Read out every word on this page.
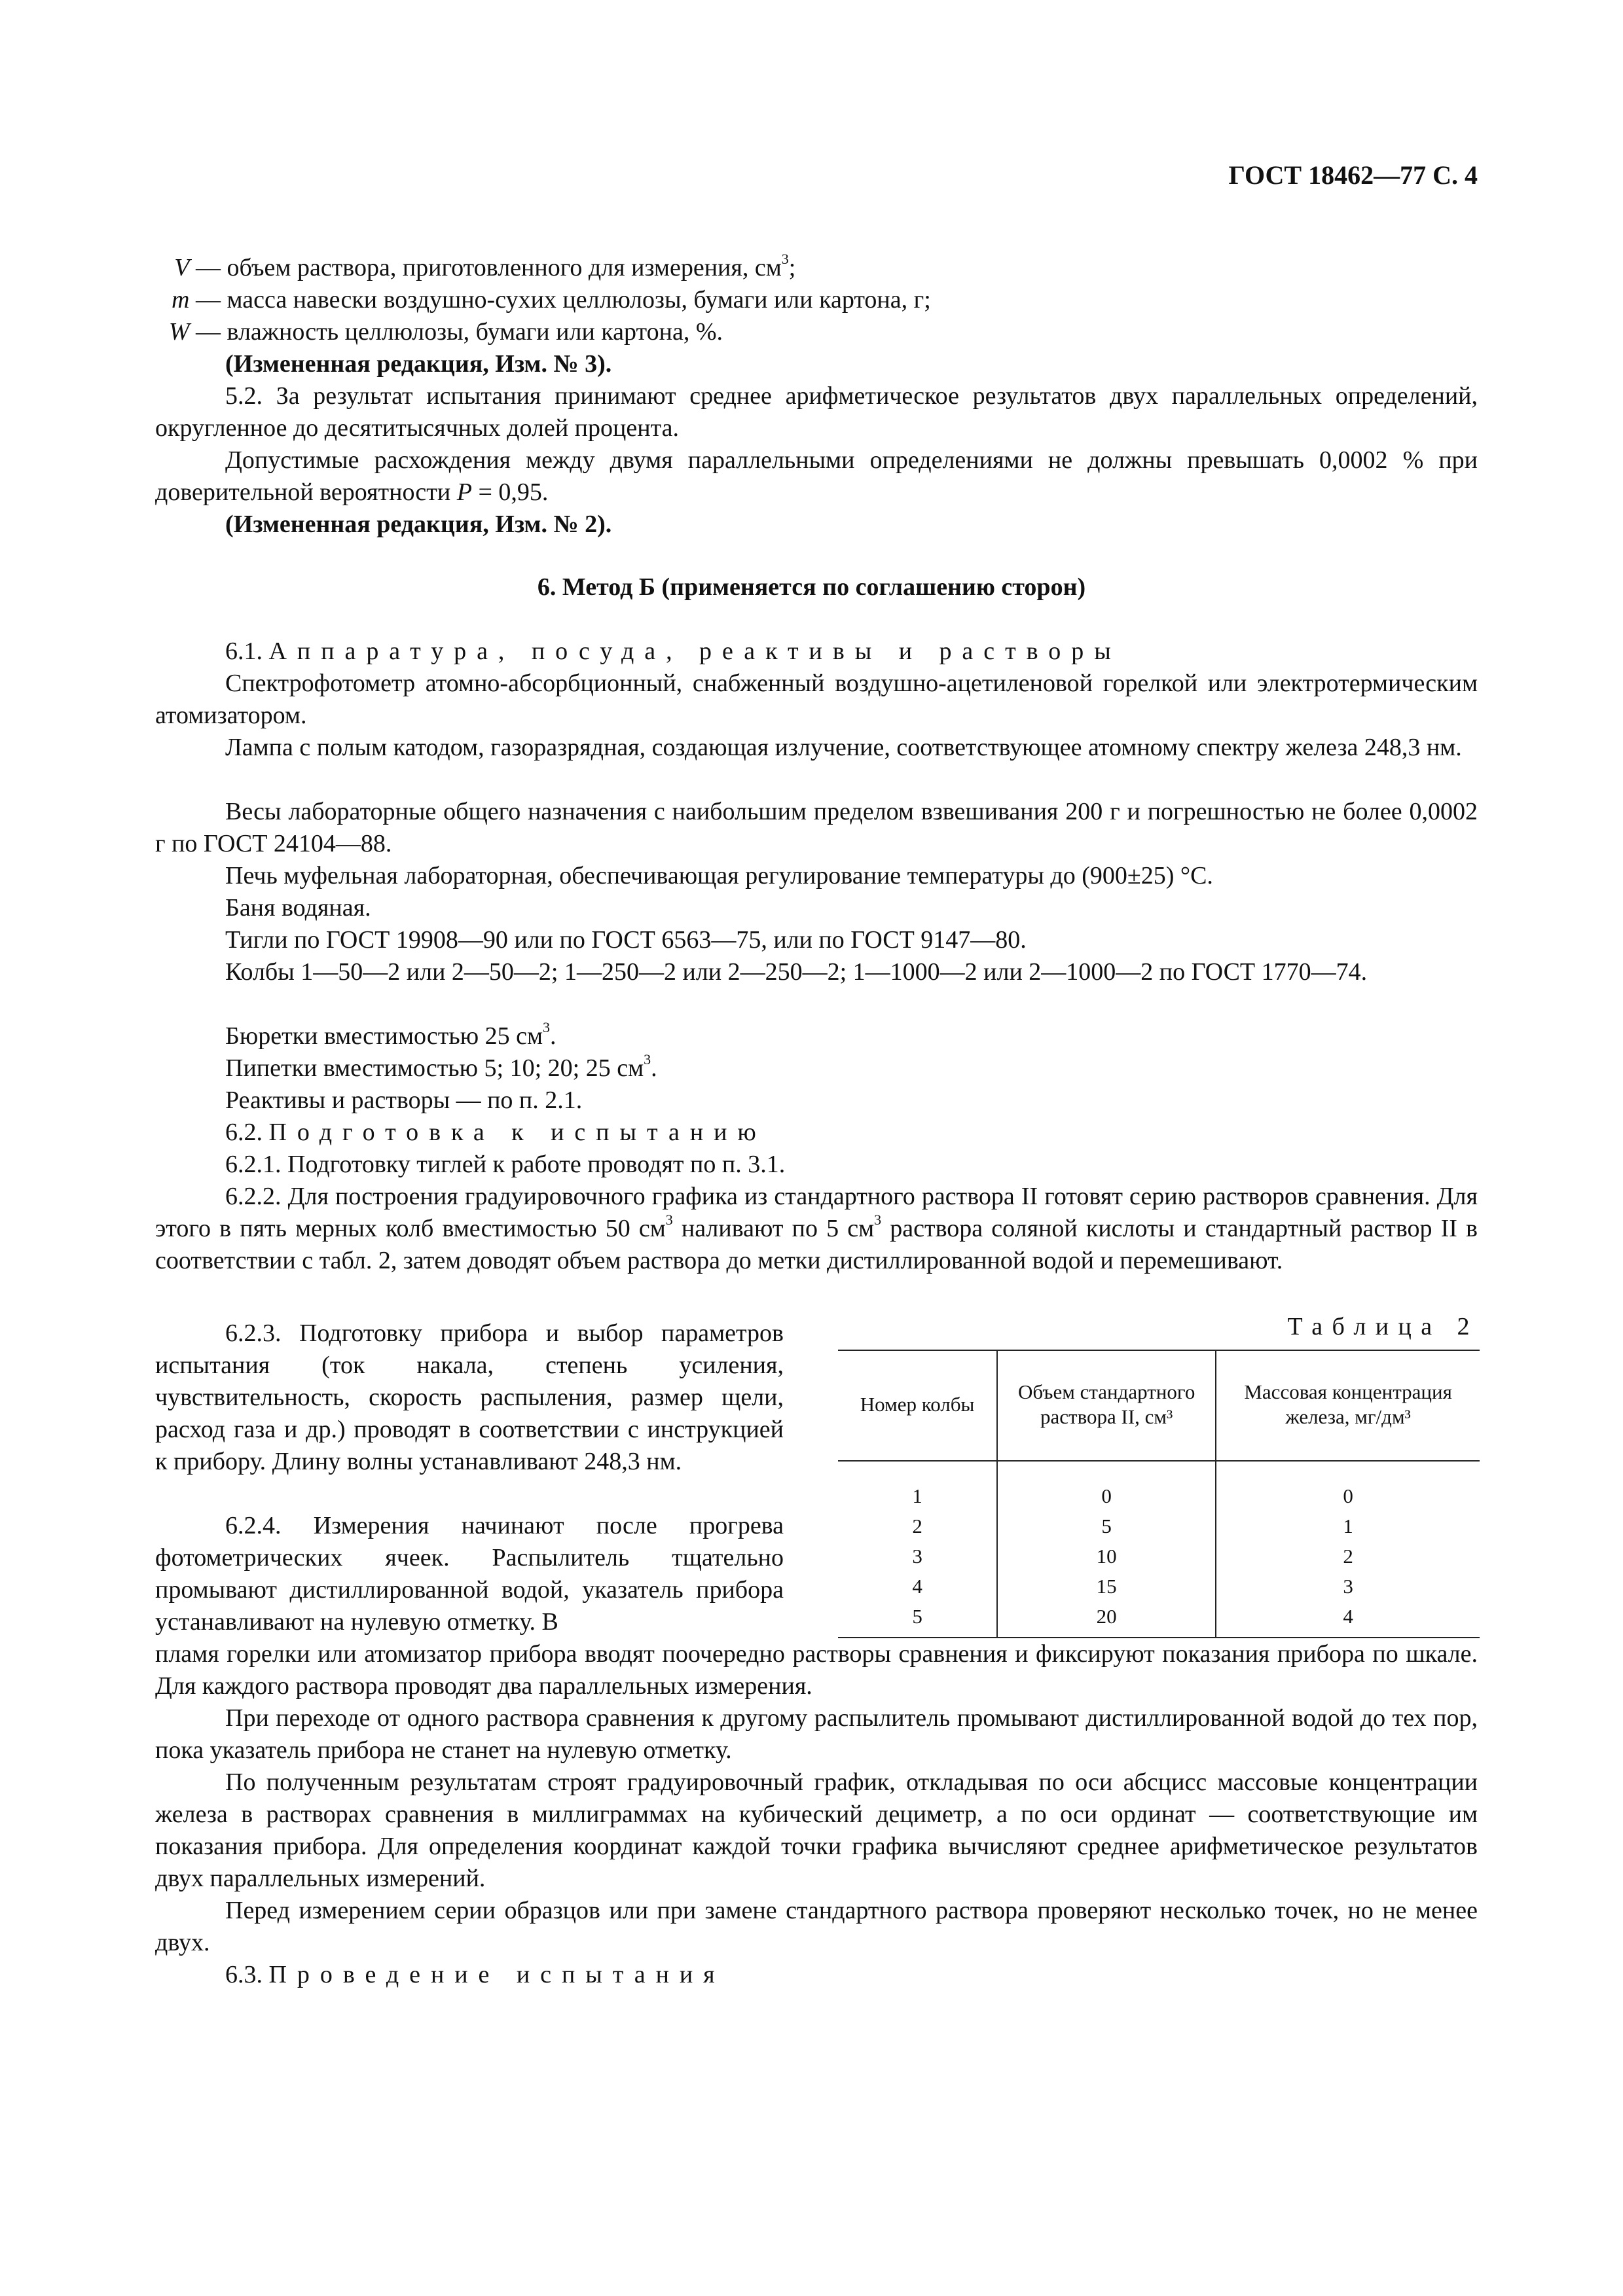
ГОСТ 18462—77 С. 4
V — объем раствора, приготовленного для измерения, $см^3$;
m — масса навески воздушно-сухих целлюлозы, бумаги или картона, г;
W — влажность целлюлозы, бумаги или картона, %.
(Измененная редакция, Изм. № 3).
5.2. За результат испытания принимают среднее арифметическое результатов двух параллельных определений, округленное до десятитысячных долей процента.
Допустимые расхождения между двумя параллельными определениями не должны превышать 0,0002 % при доверительной вероятности P = 0,95.
(Измененная редакция, Изм. № 2).
6. Метод Б (применяется по соглашению сторон)
6.1. Аппаратура, посуда, реактивы и растворы
Спектрофотометр атомно-абсорбционный, снабженный воздушно-ацетиленовой горелкой или электротермическим атомизатором.
Лампа с полым катодом, газоразрядная, создающая излучение, соответствующее атомному спектру железа 248,3 нм.
Весы лабораторные общего назначения с наибольшим пределом взвешивания 200 г и погрешностью не более 0,0002 г по ГОСТ 24104—88.
Печь муфельная лабораторная, обеспечивающая регулирование температуры до (900±25) °С.
Баня водяная.
Тигли по ГОСТ 19908—90 или по ГОСТ 6563—75, или по ГОСТ 9147—80.
Колбы 1—50—2 или 2—50—2; 1—250—2 или 2—250—2; 1—1000—2 или 2—1000—2 по ГОСТ 1770—74.
Бюретки вместимостью 25 $см^3$.
Пипетки вместимостью 5; 10; 20; 25 $см^3$.
Реактивы и растворы — по п. 2.1.
6.2. Подготовка к испытанию
6.2.1. Подготовку тиглей к работе проводят по п. 3.1.
6.2.2. Для построения градуировочного графика из стандартного раствора II готовят серию растворов сравнения. Для этого в пять мерных колб вместимостью 50 $см^3$ наливают по 5 $см^3$ раствора соляной кислоты и стандартный раствор II в соответствии с табл. 2, затем доводят объем раствора до метки дистиллированной водой и перемешивают.
6.2.3. Подготовку прибора и выбор параметров испытания (ток накала, степень усиления, чувствительность, скорость распыления, размер щели, расход газа и др.) проводят в соответствии с инструкцией к прибору. Длину волны устанавливают 248,3 нм.
6.2.4. Измерения начинают после прогрева фотометрических ячеек. Распылитель тщательно промывают дистиллированной водой, указатель прибора устанавливают на нулевую отметку. В
Таблица 2
Номер колбы	Объем стандартного раствора II, см³	Массовая концентрация железа, мг/дм³
1	0	0
2	5	1
3	10	2
4	15	3
5	20	4
пламя горелки или атомизатор прибора вводят поочередно растворы сравнения и фиксируют показания прибора по шкале. Для каждого раствора проводят два параллельных измерения.
При переходе от одного раствора сравнения к другому распылитель промывают дистиллированной водой до тех пор, пока указатель прибора не станет на нулевую отметку.
По полученным результатам строят градуировочный график, откладывая по оси абсцисс массовые концентрации железа в растворах сравнения в миллиграммах на кубический дециметр, а по оси ординат — соответствующие им показания прибора. Для определения координат каждой точки графика вычисляют среднее арифметическое результатов двух параллельных измерений.
Перед измерением серии образцов или при замене стандартного раствора проверяют несколько точек, но не менее двух.
6.3. Проведение испытания
